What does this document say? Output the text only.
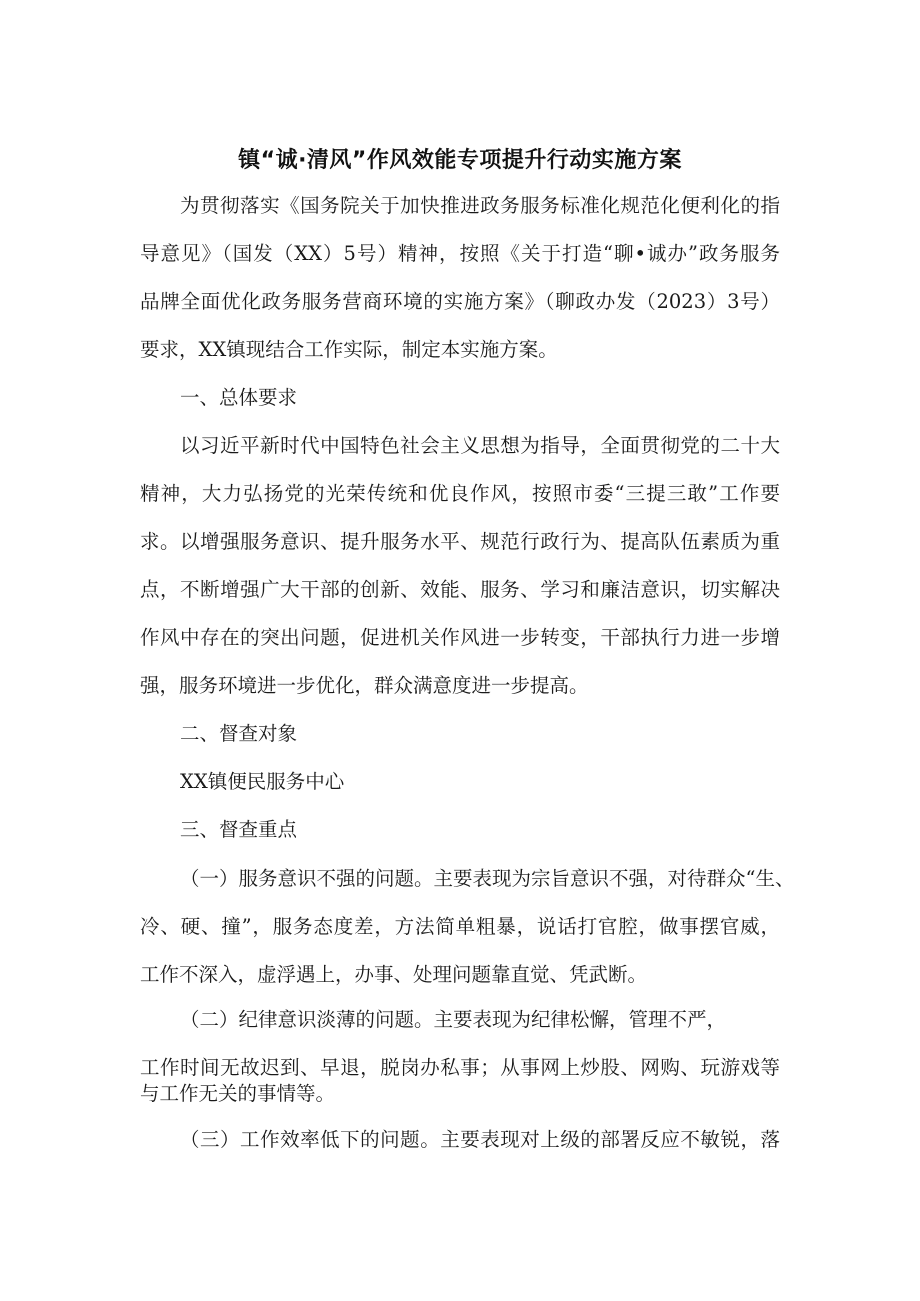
镇“诚·清风”作风效能专项提升行动实施方案
为贯彻落实《国务院关于加快推进政务服务标准化规范化便利化的指
导意见》（国发（XX）5号）精神，按照《关于打造“聊•诚办”政务服务
品牌全面优化政务服务营商环境的实施方案》（聊政办发（2023）3号）
要求，XX镇现结合工作实际，制定本实施方案。
一、总体要求
以习近平新时代中国特色社会主义思想为指导，全面贯彻党的二十大
精神，大力弘扬党的光荣传统和优良作风，按照市委“三提三敢”工作要
求。以增强服务意识、提升服务水平、规范行政行为、提高队伍素质为重
点，不断增强广大干部的创新、效能、服务、学习和廉洁意识，切实解决
作风中存在的突出问题，促进机关作风进一步转变，干部执行力进一步增
强，服务环境进一步优化，群众满意度进一步提高。
二、督查对象
XX镇便民服务中心
三、督查重点
（一）服务意识不强的问题。主要表现为宗旨意识不强，对待群众“生、
冷、硬、撞”，服务态度差，方法简单粗暴，说话打官腔，做事摆官威，
工作不深入，虚浮遇上，办事、处理问题靠直觉、凭武断。
（二）纪律意识淡薄的问题。主要表现为纪律松懈，管理不严，
工作时间无故迟到、早退，脱岗办私事；从事网上炒股、网购、玩游戏等
与工作无关的事情等。
（三）工作效率低下的问题。主要表现对上级的部署反应不敏锐，落
